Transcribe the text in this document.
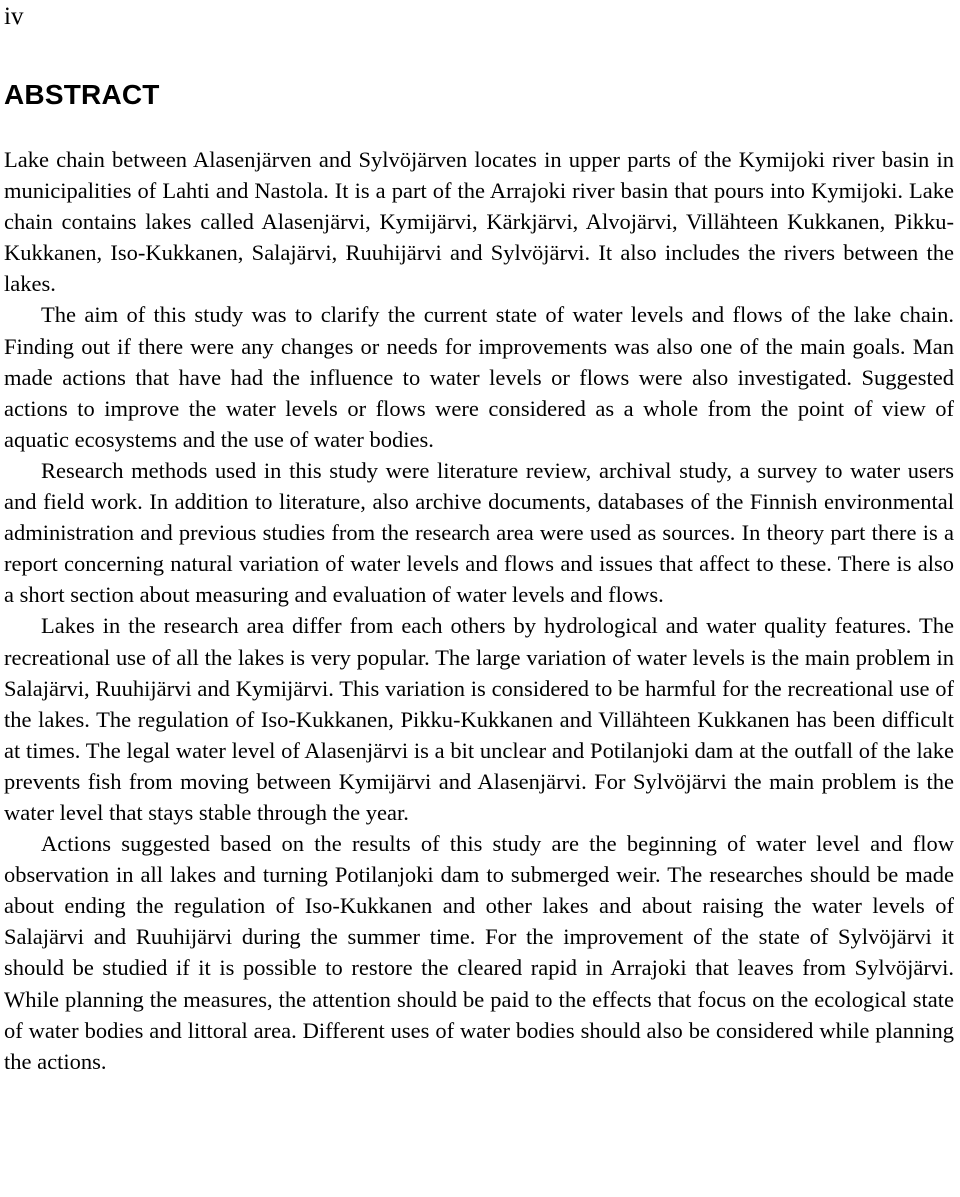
iv
ABSTRACT

Lake chain between Alasenjärven and Sylvöjärven locates in upper parts of the Kymijoki river basin in municipalities of Lahti and Nastola. It is a part of the Arrajoki river basin that pours into Kymijoki. Lake chain contains lakes called Alasenjärvi, Kymijärvi, Kärkjärvi, Alvojärvi, Villähteen Kukkanen, Pikku-Kukkanen, Iso-Kukkanen, Salajärvi, Ruuhijärvi and Sylvöjärvi. It also includes the rivers between the lakes.

The aim of this study was to clarify the current state of water levels and flows of the lake chain. Finding out if there were any changes or needs for improvements was also one of the main goals. Man made actions that have had the influence to water levels or flows were also investigated. Suggested actions to improve the water levels or flows were considered as a whole from the point of view of aquatic ecosystems and the use of water bodies.

Research methods used in this study were literature review, archival study, a survey to water users and field work. In addition to literature, also archive documents, databases of the Finnish environmental administration and previous studies from the research area were used as sources. In theory part there is a report concerning natural variation of water levels and flows and issues that affect to these. There is also a short section about measuring and evaluation of water levels and flows.

Lakes in the research area differ from each others by hydrological and water quality features. The recreational use of all the lakes is very popular. The large variation of water levels is the main problem in Salajärvi, Ruuhijärvi and Kymijärvi. This variation is considered to be harmful for the recreational use of the lakes. The regulation of Iso-Kukkanen, Pikku-Kukkanen and Villähteen Kukkanen has been difficult at times. The legal water level of Alasenjärvi is a bit unclear and Potilanjoki dam at the outfall of the lake prevents fish from moving between Kymijärvi and Alasenjärvi. For Sylvöjärvi the main problem is the water level that stays stable through the year.

Actions suggested based on the results of this study are the beginning of water level and flow observation in all lakes and turning Potilanjoki dam to submerged weir. The researches should be made about ending the regulation of Iso-Kukkanen and other lakes and about raising the water levels of Salajärvi and Ruuhijärvi during the summer time. For the improvement of the state of Sylvöjärvi it should be studied if it is possible to restore the cleared rapid in Arrajoki that leaves from Sylvöjärvi. While planning the measures, the attention should be paid to the effects that focus on the ecological state of water bodies and littoral area. Different uses of water bodies should also be considered while planning the actions.
